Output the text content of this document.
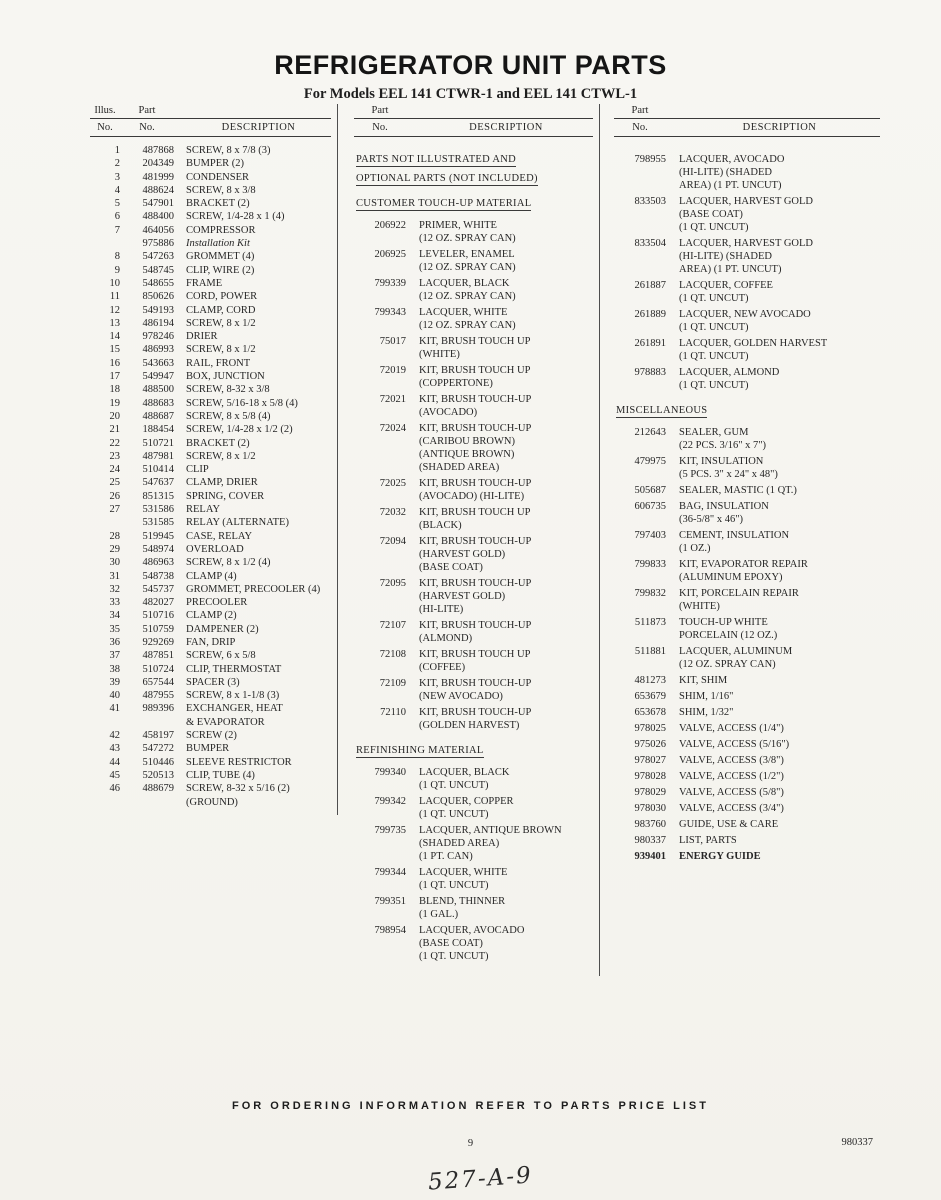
REFRIGERATOR UNIT PARTS
For Models EEL 141 CTWR-1 and EEL 141 CTWL-1
Illus.	Part
No.	No.	DESCRIPTION
1	487868 SCREW, 8 x 7/8 (3)
2	204349 BUMPER (2)
3	481999 CONDENSER
4	488624 SCREW, 8 x 3/8
5	547901 BRACKET (2)
6	488400 SCREW, 1/4-28 x 1 (4)
7	464056 COMPRESSOR
975886 Installation Kit
8	547263 GROMMET (4)
9	548745 CLIP, WIRE (2)
10	548655 FRAME
11	850626 CORD, POWER
12	549193 CLAMP, CORD
13	486194 SCREW, 8 x 1/2
14	978246 DRIER
15	486993 SCREW, 8 x 1/2
16	543663 RAIL, FRONT
17	549947 BOX, JUNCTION
18	488500 SCREW, 8-32 x 3/8
19	488683 SCREW, 5/16-18 x 5/8 (4)
20	488687 SCREW, 8 x 5/8 (4)
21	188454 SCREW, 1/4-28 x 1/2 (2)
22	510721 BRACKET (2)
23	487981 SCREW, 8 x 1/2
24	510414 CLIP
25	547637 CLAMP, DRIER
26	851315 SPRING, COVER
27	531586 RELAY
531585 RELAY (ALTERNATE)
28	519945 CASE, RELAY
29	548974 OVERLOAD
30	486963 SCREW, 8 x 1/2 (4)
31	548738 CLAMP (4)
32	545737 GROMMET, PRECOOLER (4)
33	482027 PRECOOLER
34	510716 CLAMP (2)
35	510759 DAMPENER (2)
36	929269 FAN, DRIP
37	487851 SCREW, 6 x 5/8
38	510724 CLIP, THERMOSTAT
39	657544 SPACER (3)
40	487955 SCREW, 8 x 1-1/8 (3)
41	989396 EXCHANGER, HEAT
& EVAPORATOR
42	458197 SCREW (2)
43	547272 BUMPER
44	510446 SLEEVE RESTRICTOR
45	520513 CLIP, TUBE (4)
46	488679 SCREW, 8-32 x 5/16 (2)
(GROUND)
Part
No.	DESCRIPTION
PARTS NOT ILLUSTRATED AND
OPTIONAL PARTS (NOT INCLUDED)
CUSTOMER TOUCH-UP MATERIAL
206922 PRIMER, WHITE
(12 OZ. SPRAY CAN)
206925 LEVELER, ENAMEL
(12 OZ. SPRAY CAN)
799339 LACQUER, BLACK
(12 OZ. SPRAY CAN)
799343 LACQUER, WHITE
(12 OZ. SPRAY CAN)
75017 KIT, BRUSH TOUCH UP
(WHITE)
72019 KIT, BRUSH TOUCH UP
(COPPERTONE)
72021 KIT, BRUSH TOUCH-UP
(AVOCADO)
72024 KIT, BRUSH TOUCH-UP
(CARIBOU BROWN)
(ANTIQUE BROWN)
(SHADED AREA)
72025 KIT, BRUSH TOUCH-UP
(AVOCADO) (HI-LITE)
72032 KIT, BRUSH TOUCH UP
(BLACK)
72094 KIT, BRUSH TOUCH-UP
(HARVEST GOLD)
(BASE COAT)
72095 KIT, BRUSH TOUCH-UP
(HARVEST GOLD)
(HI-LITE)
72107 KIT, BRUSH TOUCH-UP
(ALMOND)
72108 KIT, BRUSH TOUCH UP
(COFFEE)
72109 KIT, BRUSH TOUCH-UP
(NEW AVOCADO)
72110 KIT, BRUSH TOUCH-UP
(GOLDEN HARVEST)
REFINISHING MATERIAL
799340 LACQUER, BLACK
(1 QT. UNCUT)
799342 LACQUER, COPPER
(1 QT. UNCUT)
799735 LACQUER, ANTIQUE BROWN
(SHADED AREA)
(1 PT. CAN)
799344 LACQUER, WHITE
(1 QT. UNCUT)
799351 BLEND, THINNER
(1 GAL.)
798954 LACQUER, AVOCADO
(BASE COAT)
(1 QT. UNCUT)
Part
No.	DESCRIPTION
798955 LACQUER, AVOCADO
(HI-LITE) (SHADED
AREA) (1 PT. UNCUT)
833503 LACQUER, HARVEST GOLD
(BASE COAT)
(1 QT. UNCUT)
833504 LACQUER, HARVEST GOLD
(HI-LITE) (SHADED
AREA) (1 PT. UNCUT)
261887 LACQUER, COFFEE
(1 QT. UNCUT)
261889 LACQUER, NEW AVOCADO
(1 QT. UNCUT)
261891 LACQUER, GOLDEN HARVEST
(1 QT. UNCUT)
978883 LACQUER, ALMOND
(1 QT. UNCUT)
MISCELLANEOUS
212643 SEALER, GUM
(22 PCS. 3/16" x 7")
479975 KIT, INSULATION
(5 PCS. 3" x 24" x 48")
505687 SEALER, MASTIC (1 QT.)
606735 BAG, INSULATION
(36-5/8" x 46")
797403 CEMENT, INSULATION
(1 OZ.)
799833 KIT, EVAPORATOR REPAIR
(ALUMINUM EPOXY)
799832 KIT, PORCELAIN REPAIR
(WHITE)
511873 TOUCH-UP WHITE
PORCELAIN (12 OZ.)
511881 LACQUER, ALUMINUM
(12 OZ. SPRAY CAN)
481273 KIT, SHIM
653679 SHIM, 1/16"
653678 SHIM, 1/32"
978025 VALVE, ACCESS (1/4")
975026 VALVE, ACCESS (5/16")
978027 VALVE, ACCESS (3/8")
978028 VALVE, ACCESS (1/2")
978029 VALVE, ACCESS (5/8")
978030 VALVE, ACCESS (3/4")
983760 GUIDE, USE & CARE
980337 LIST, PARTS
939401 ENERGY GUIDE
FOR ORDERING INFORMATION REFER TO PARTS PRICE LIST
9	980337
527-A-9
